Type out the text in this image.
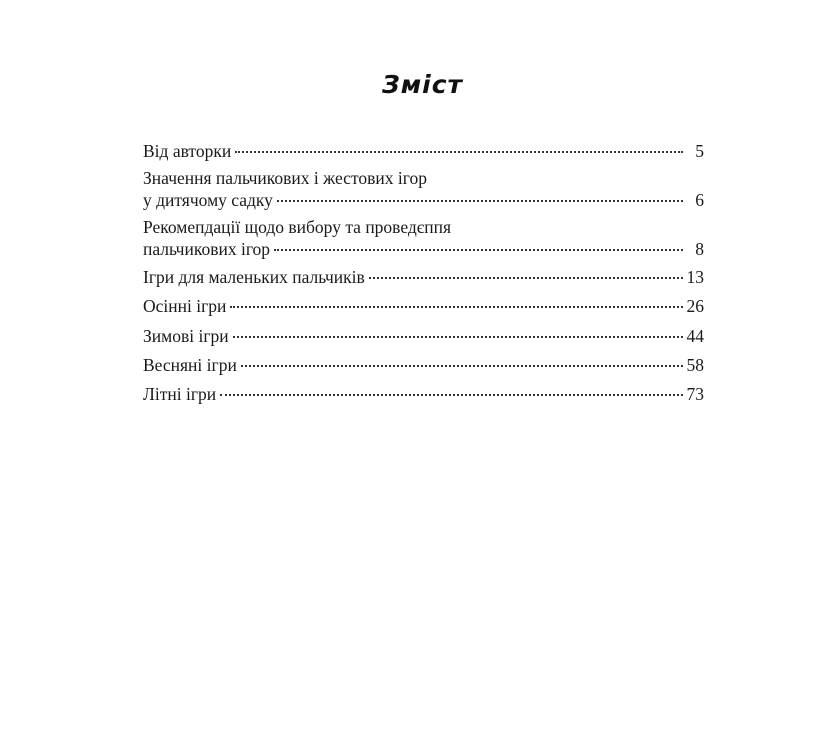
Зміст
Від авторки	5
Значення пальчикових і жестових ігор
у дитячому садку	6
Рекомепдації щодо вибору та проведєппя
пальчикових ігор	8
Ігри для маленьких пальчиків	13
Осінні ігри	26
Зимові ігри	44
Весняні ігри	58
Літні ігри	73
